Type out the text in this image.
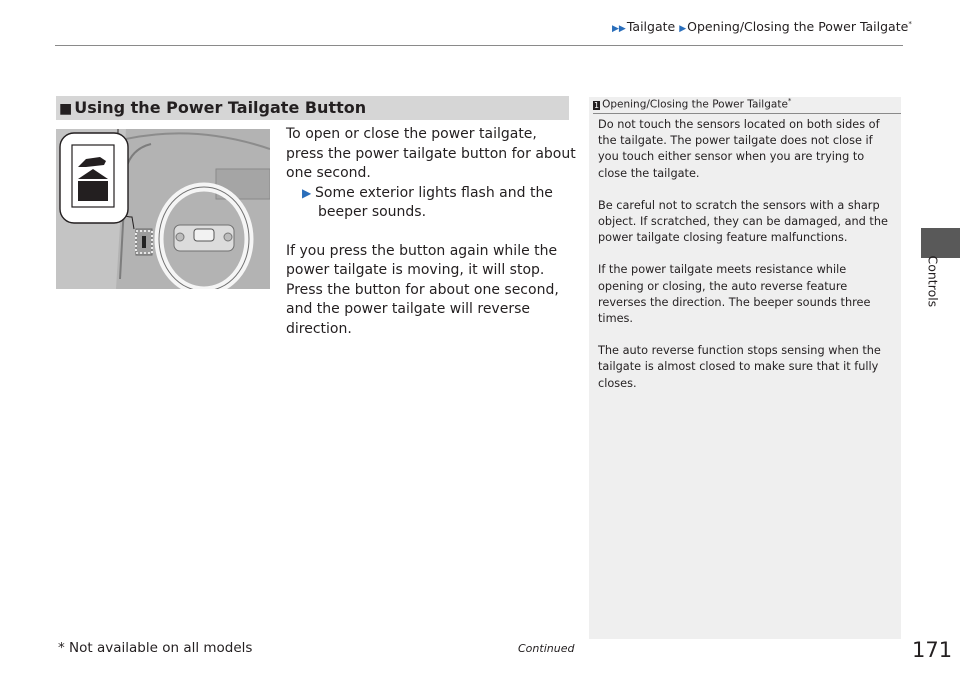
▶▶Tailgate ▶Opening/Closing the Power Tailgate*
Controls
■ Using the Power Tailgate Button

To open or close the power tailgate, press the power tailgate button for about one second.

▶ Some exterior lights flash and the beeper sounds.

If you press the button again while the power tailgate is moving, it will stop.

Press the button for about one second, and the power tailgate will reverse direction.

1 Opening/Closing the Power Tailgate*

Do not touch the sensors located on both sides of the tailgate. The power tailgate does not close if you touch either sensor when you are trying to close the tailgate.

Be careful not to scratch the sensors with a sharp object. If scratched, they can be damaged, and the power tailgate closing feature malfunctions.

If the power tailgate meets resistance while opening or closing, the auto reverse feature reverses the direction. The beeper sounds three times.

The auto reverse function stops sensing when the tailgate is almost closed to make sure that it fully closes.

* Not available on all models	Continued	171
